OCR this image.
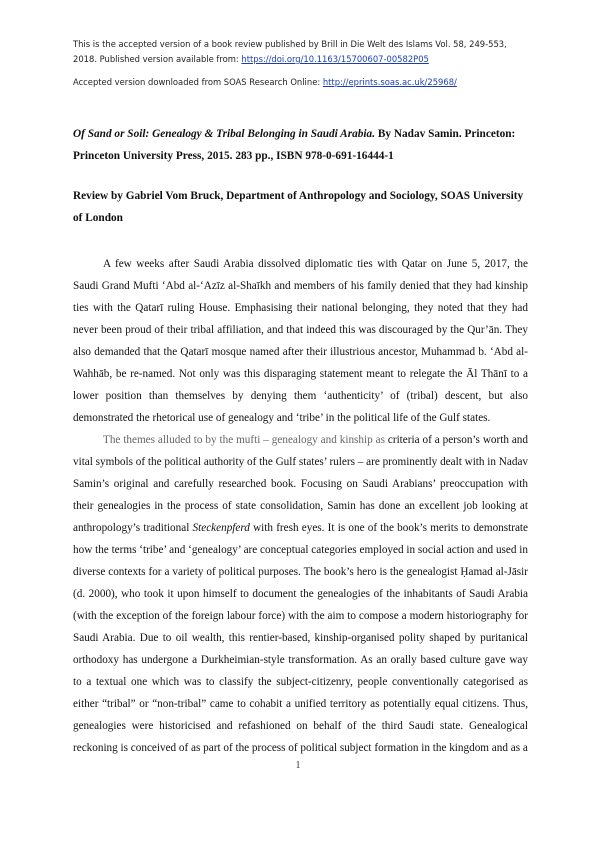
This is the accepted version of a book review published by Brill in Die Welt des Islams Vol. 58, 249-553, 2018. Published version available from: https://doi.org/10.1163/15700607-00582P05
Accepted version downloaded from SOAS Research Online: http://eprints.soas.ac.uk/25968/
Of Sand or Soil: Genealogy & Tribal Belonging in Saudi Arabia. By Nadav Samin. Princeton: Princeton University Press, 2015. 283 pp., ISBN 978-0-691-16444-1
Review by Gabriel Vom Bruck, Department of Anthropology and Sociology, SOAS University of London

A few weeks after Saudi Arabia dissolved diplomatic ties with Qatar on June 5, 2017, the Saudi Grand Mufti ‘Abd al-‘Azīz al-Shaīkh and members of his family denied that they had kinship ties with the Qatarī ruling House. Emphasising their national belonging, they noted that they had never been proud of their tribal affiliation, and that indeed this was discouraged by the Qur’ān. They also demanded that the Qatarī mosque named after their illustrious ancestor, Muhammad b. ‘Abd al-Wahhāb, be re-named. Not only was this disparaging statement meant to relegate the Āl Thānī to a lower position than themselves by denying them ‘authenticity’ of (tribal) descent, but also demonstrated the rhetorical use of genealogy and ‘tribe’ in the political life of the Gulf states.

The themes alluded to by the mufti – genealogy and kinship as criteria of a person’s worth and vital symbols of the political authority of the Gulf states’ rulers – are prominently dealt with in Nadav Samin’s original and carefully researched book. Focusing on Saudi Arabians’ preoccupation with their genealogies in the process of state consolidation, Samin has done an excellent job looking at anthropology’s traditional Steckenpferd with fresh eyes. It is one of the book’s merits to demonstrate how the terms ‘tribe’ and ‘genealogy’ are conceptual categories employed in social action and used in diverse contexts for a variety of political purposes. The book’s hero is the genealogist Ḥamad al-Jāsir (d. 2000), who took it upon himself to document the genealogies of the inhabitants of Saudi Arabia (with the exception of the foreign labour force) with the aim to compose a modern historiography for Saudi Arabia. Due to oil wealth, this rentier-based, kinship-organised polity shaped by puritanical orthodoxy has undergone a Durkheimian-style transformation. As an orally based culture gave way to a textual one which was to classify the subject-citizenry, people conventionally categorised as either “tribal” or “non-tribal” came to cohabit a unified territory as potentially equal citizens. Thus, genealogies were historicised and refashioned on behalf of the third Saudi state. Genealogical reckoning is conceived of as part of the process of political subject formation in the kingdom and as a

1
